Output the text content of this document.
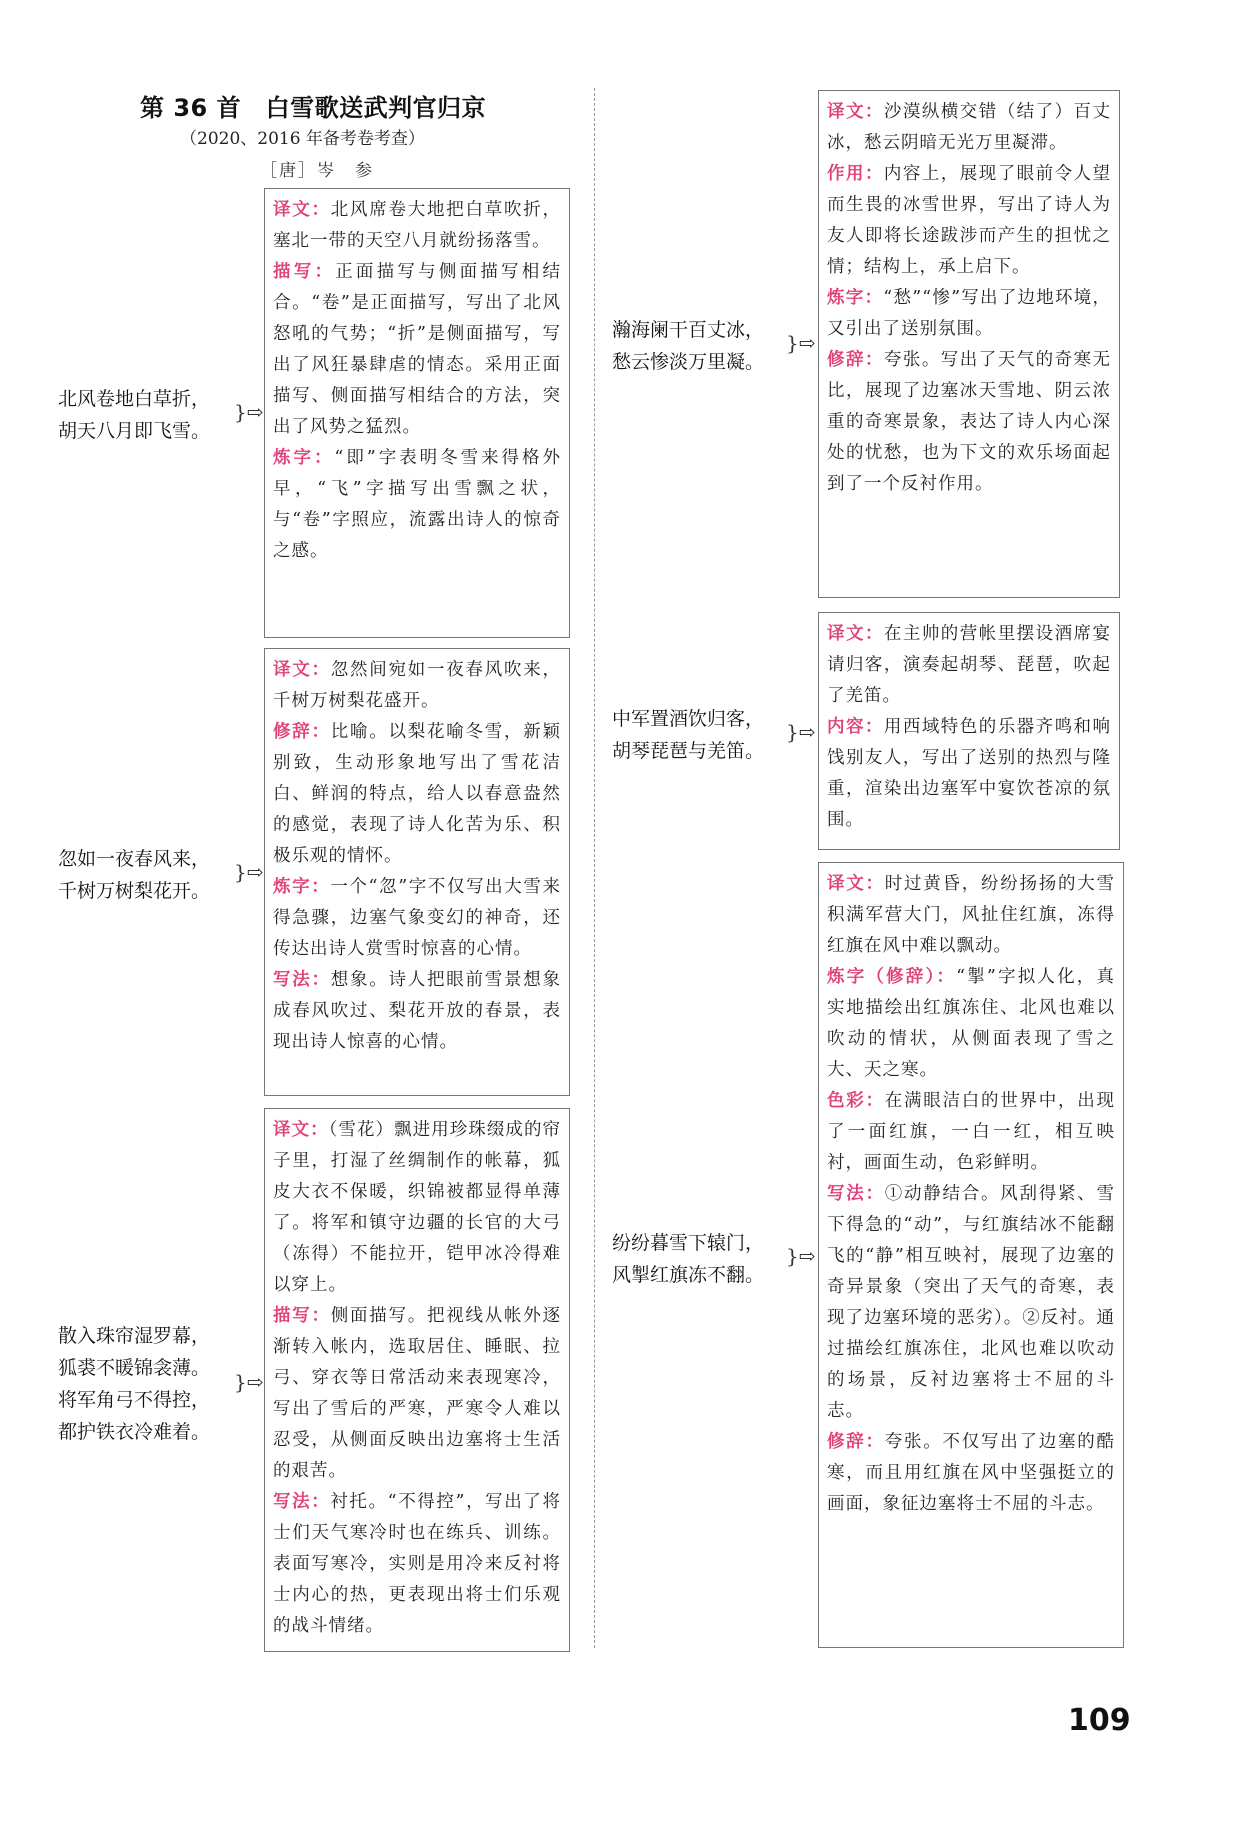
第 36 首　白雪歌送武判官归京
（2020、2016 年备考卷考查）
［唐］岑　参
北风卷地白草折，
胡天八月即飞雪。
}⇨

译文：北风席卷大地把白草吹折，塞北一带的天空八月就纷扬落雪。

描写：正面描写与侧面描写相结合。“卷”是正面描写，写出了北风怒吼的气势；“折”是侧面描写，写出了风狂暴肆虐的情态。采用正面描写、侧面描写相结合的方法，突出了风势之猛烈。

炼字：“即”字表明冬雪来得格外早，“飞”字描写出雪飘之状，与“卷”字照应，流露出诗人的惊奇之感。

忽如一夜春风来，
千树万树梨花开。
}⇨

译文：忽然间宛如一夜春风吹来，千树万树梨花盛开。

修辞：比喻。以梨花喻冬雪，新颖别致，生动形象地写出了雪花洁白、鲜润的特点，给人以春意盎然的感觉，表现了诗人化苦为乐、积极乐观的情怀。

炼字：一个“忽”字不仅写出大雪来得急骤，边塞气象变幻的神奇，还传达出诗人赏雪时惊喜的心情。

写法：想象。诗人把眼前雪景想象成春风吹过、梨花开放的春景，表现出诗人惊喜的心情。

散入珠帘湿罗幕，
狐裘不暖锦衾薄。
将军角弓不得控，
都护铁衣冷难着。
}⇨

译文：（雪花）飘进用珍珠缀成的帘子里，打湿了丝绸制作的帐幕，狐皮大衣不保暖，织锦被都显得单薄了。将军和镇守边疆的长官的大弓（冻得）不能拉开，铠甲冰冷得难以穿上。

描写：侧面描写。把视线从帐外逐渐转入帐内，选取居住、睡眠、拉弓、穿衣等日常活动来表现寒冷，写出了雪后的严寒，严寒令人难以忍受，从侧面反映出边塞将士生活的艰苦。

写法：衬托。“不得控”，写出了将士们天气寒冷时也在练兵、训练。表面写寒冷，实则是用冷来反衬将士内心的热，更表现出将士们乐观的战斗情绪。

瀚海阑干百丈冰，
愁云惨淡万里凝。
}⇨

译文：沙漠纵横交错（结了）百丈冰，愁云阴暗无光万里凝滞。

作用：内容上，展现了眼前令人望而生畏的冰雪世界，写出了诗人为友人即将长途跋涉而产生的担忧之情；结构上，承上启下。

炼字：“愁”“惨”写出了边地环境，又引出了送别氛围。

修辞：夸张。写出了天气的奇寒无比，展现了边塞冰天雪地、阴云浓重的奇寒景象，表达了诗人内心深处的忧愁，也为下文的欢乐场面起到了一个反衬作用。

中军置酒饮归客，
胡琴琵琶与羌笛。
}⇨

译文：在主帅的营帐里摆设酒席宴请归客，演奏起胡琴、琵琶，吹起了羌笛。

内容：用西域特色的乐器齐鸣和响饯别友人，写出了送别的热烈与隆重，渲染出边塞军中宴饮苍凉的氛围。

纷纷暮雪下辕门，
风掣红旗冻不翻。
}⇨

译文：时过黄昏，纷纷扬扬的大雪积满军营大门，风扯住红旗，冻得红旗在风中难以飘动。

炼字（修辞）：“掣”字拟人化，真实地描绘出红旗冻住、北风也难以吹动的情状，从侧面表现了雪之大、天之寒。

色彩：在满眼洁白的世界中，出现了一面红旗，一白一红，相互映衬，画面生动，色彩鲜明。

写法：①动静结合。风刮得紧、雪下得急的“动”，与红旗结冰不能翻飞的“静”相互映衬，展现了边塞的奇异景象（突出了天气的奇寒，表现了边塞环境的恶劣）。②反衬。通过描绘红旗冻住，北风也难以吹动的场景，反衬边塞将士不屈的斗志。

修辞：夸张。不仅写出了边塞的酷寒，而且用红旗在风中坚强挺立的画面，象征边塞将士不屈的斗志。

109
